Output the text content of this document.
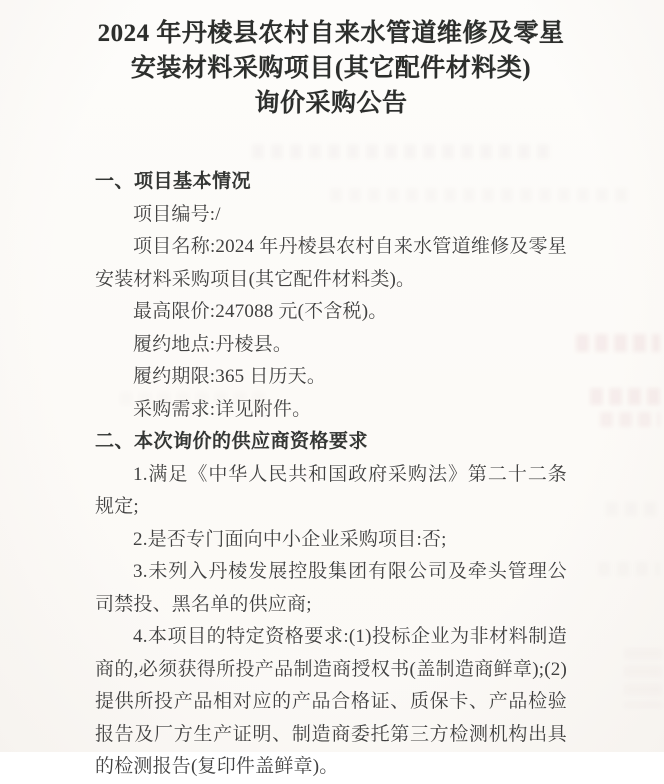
2024 年丹棱县农村自来水管道维修及零星
安装材料采购项目(其它配件材料类)
询价采购公告
一、项目基本情况

项目编号:/

项目名称:2024 年丹棱县农村自来水管道维修及零星安装材料采购项目(其它配件材料类)。

最高限价:247088 元(不含税)。

履约地点:丹棱县。

履约期限:365 日历天。

采购需求:详见附件。

二、本次询价的供应商资格要求

1.满足《中华人民共和国政府采购法》第二十二条规定;

2.是否专门面向中小企业采购项目:否;

3.未列入丹棱发展控股集团有限公司及牵头管理公司禁投、黑名单的供应商;

4.本项目的特定资格要求:(1)投标企业为非材料制造商的,必须获得所投产品制造商授权书(盖制造商鲜章);(2)提供所投产品相对应的产品合格证、质保卡、产品检验报告及厂方生产证明、制造商委托第三方检测机构出具的检测报告(复印件盖鲜章)。
